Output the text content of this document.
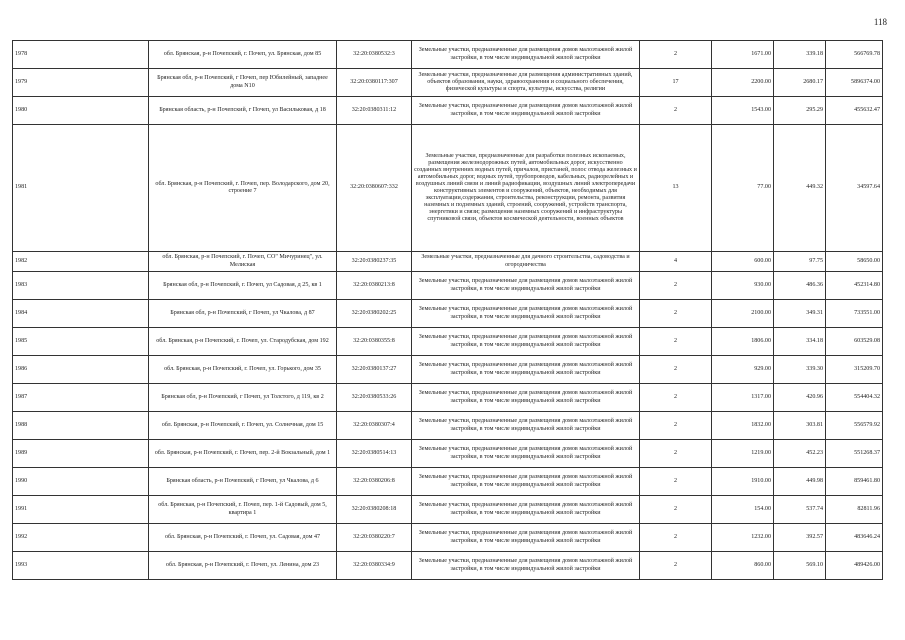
118
1978	обл. Брянская, р-н Почепский, г. Почеп, ул. Брянская, дом 85	32:20:0380532:3	Земельные участки, предназначенные для размещения домов малоэтажной жилой застройки, в том числе индивидуальной жилой застройки	2	1671.00	339.18	566769.78
1979	Брянская обл, р-н Почепский, г Почеп, пер Юбилейный, западнее дома N10	32:20:0380117:307	Земельные участки, предназначенные для размещения административных зданий, объектов образования, науки, здравоохранения и социального обеспечения, физической культуры и спорта, культуры, искусства, религии	17	2200.00	2680.17	5896374.00
1980	Брянская область, р-н Почепский, г Почеп, ул Васильковая, д 18	32:20:0380311:12	Земельные участки, предназначенные для размещения домов малоэтажной жилой застройки, в том числе индивидуальной жилой застройки	2	1543.00	295.29	455632.47
1981	обл. Брянская, р-н Почепский, г. Почеп, пер. Володарского, дом 20, строение 7	32:20:0380607:332	Земельные участки, предназначенные для разработки полезных ископаемых, размещения железнодорожных путей, автомобильных дорог, искусственно созданных внутренних водных путей, причалов, пристаней, полос отвода железных и автомобильных дорог, водных путей, трубопроводов, кабельных, радиорелейных и воздушных линий связи и линий радиофикации, воздушных линий электропередачи конструктивных элементов и сооружений, объектов, необходимых для эксплуатации,содержания, строительства, реконструкции, ремонта, развития наземных и подземных зданий, строений, сооружений, устройств транспорта, энергетики и связи; размещения наземных сооружений и инфраструктуры спутниковой связи, объектов космической деятельности, военных объектов	13	77.00	449.32	34597.64
1982	обл. Брянская, р-н Почепский, г. Почеп, СО" Мичуринец", ул. Мелиская	32:20:0380237:35	Земельные участки, предназначенные для дачного строительства, садоводства и огородничества	4	600.00	97.75	58650.00
1983	Брянская обл, р-н Почепский, г. Почеп, ул Садовая, д 25, кв 1	32:20:0380213:8	Земельные участки, предназначенные для размещения домов малоэтажной жилой застройки, в том числе индивидуальной жилой застройки	2	930.00	486.36	452314.80
1984	Брянская обл, р-н Почепский, г Почеп, ул Чкалова, д 87	32:20:0380202:25	Земельные участки, предназначенные для размещения домов малоэтажной жилой застройки, в том числе индивидуальной жилой застройки	2	2100.00	349.31	733551.00
1985	обл. Брянская, р-н Почепский, г. Почеп, ул. Стародубская, дом 192	32:20:0380355:8	Земельные участки, предназначенные для размещения домов малоэтажной жилой застройки, в том числе индивидуальной жилой застройки	2	1806.00	334.18	603529.08
1986	обл. Брянская, р-н Почепский, г. Почеп, ул. Горького, дом 35	32:20:0380137:27	Земельные участки, предназначенные для размещения домов малоэтажной жилой застройки, в том числе индивидуальной жилой застройки	2	929.00	339.30	315209.70
1987	Брянская обл, р-н Почепский, г Почеп, ул Толстого, д 119, кв 2	32:20:0380533:26	Земельные участки, предназначенные для размещения домов малоэтажной жилой застройки, в том числе индивидуальной жилой застройки	2	1317.00	420.96	554404.32
1988	обл. Брянская, р-н Почепский, г. Почеп, ул. Солнечная, дом 15	32:20:0380307:4	Земельные участки, предназначенные для размещения домов малоэтажной жилой застройки, в том числе индивидуальной жилой застройки	2	1832.00	303.81	556579.92
1989	обл. Брянская, р-н Почепский, г. Почеп, пер. 2-й Вокзальный, дом 1	32:20:0380514:13	Земельные участки, предназначенные для размещения домов малоэтажной жилой застройки, в том числе индивидуальной жилой застройки	2	1219.00	452.23	551268.37
1990	Брянская область, р-н Почепский, г Почеп, ул Чкалова, д 6	32:20:0380206:8	Земельные участки, предназначенные для размещения домов малоэтажной жилой застройки, в том числе индивидуальной жилой застройки	2	1910.00	449.98	859461.80
1991	обл. Брянская, р-н Почепский, г. Почеп, пер. 1-й Садовый, дом 5, квартира 1	32:20:0380208:18	Земельные участки, предназначенные для размещения домов малоэтажной жилой застройки, в том числе индивидуальной жилой застройки	2	154.00	537.74	82811.96
1992	обл. Брянская, р-н Почепский, г. Почеп, ул. Садовая, дом 47	32:20:0380220:7	Земельные участки, предназначенные для размещения домов малоэтажной жилой застройки, в том числе индивидуальной жилой застройки	2	1232.00	392.57	483646.24
1993	обл. Брянская, р-н Почепский, г. Почеп, ул. Ленина, дом 23	32:20:0380334:9	Земельные участки, предназначенные для размещения домов малоэтажной жилой застройки, в том числе индивидуальной жилой застройки	2	860.00	569.10	489426.00
